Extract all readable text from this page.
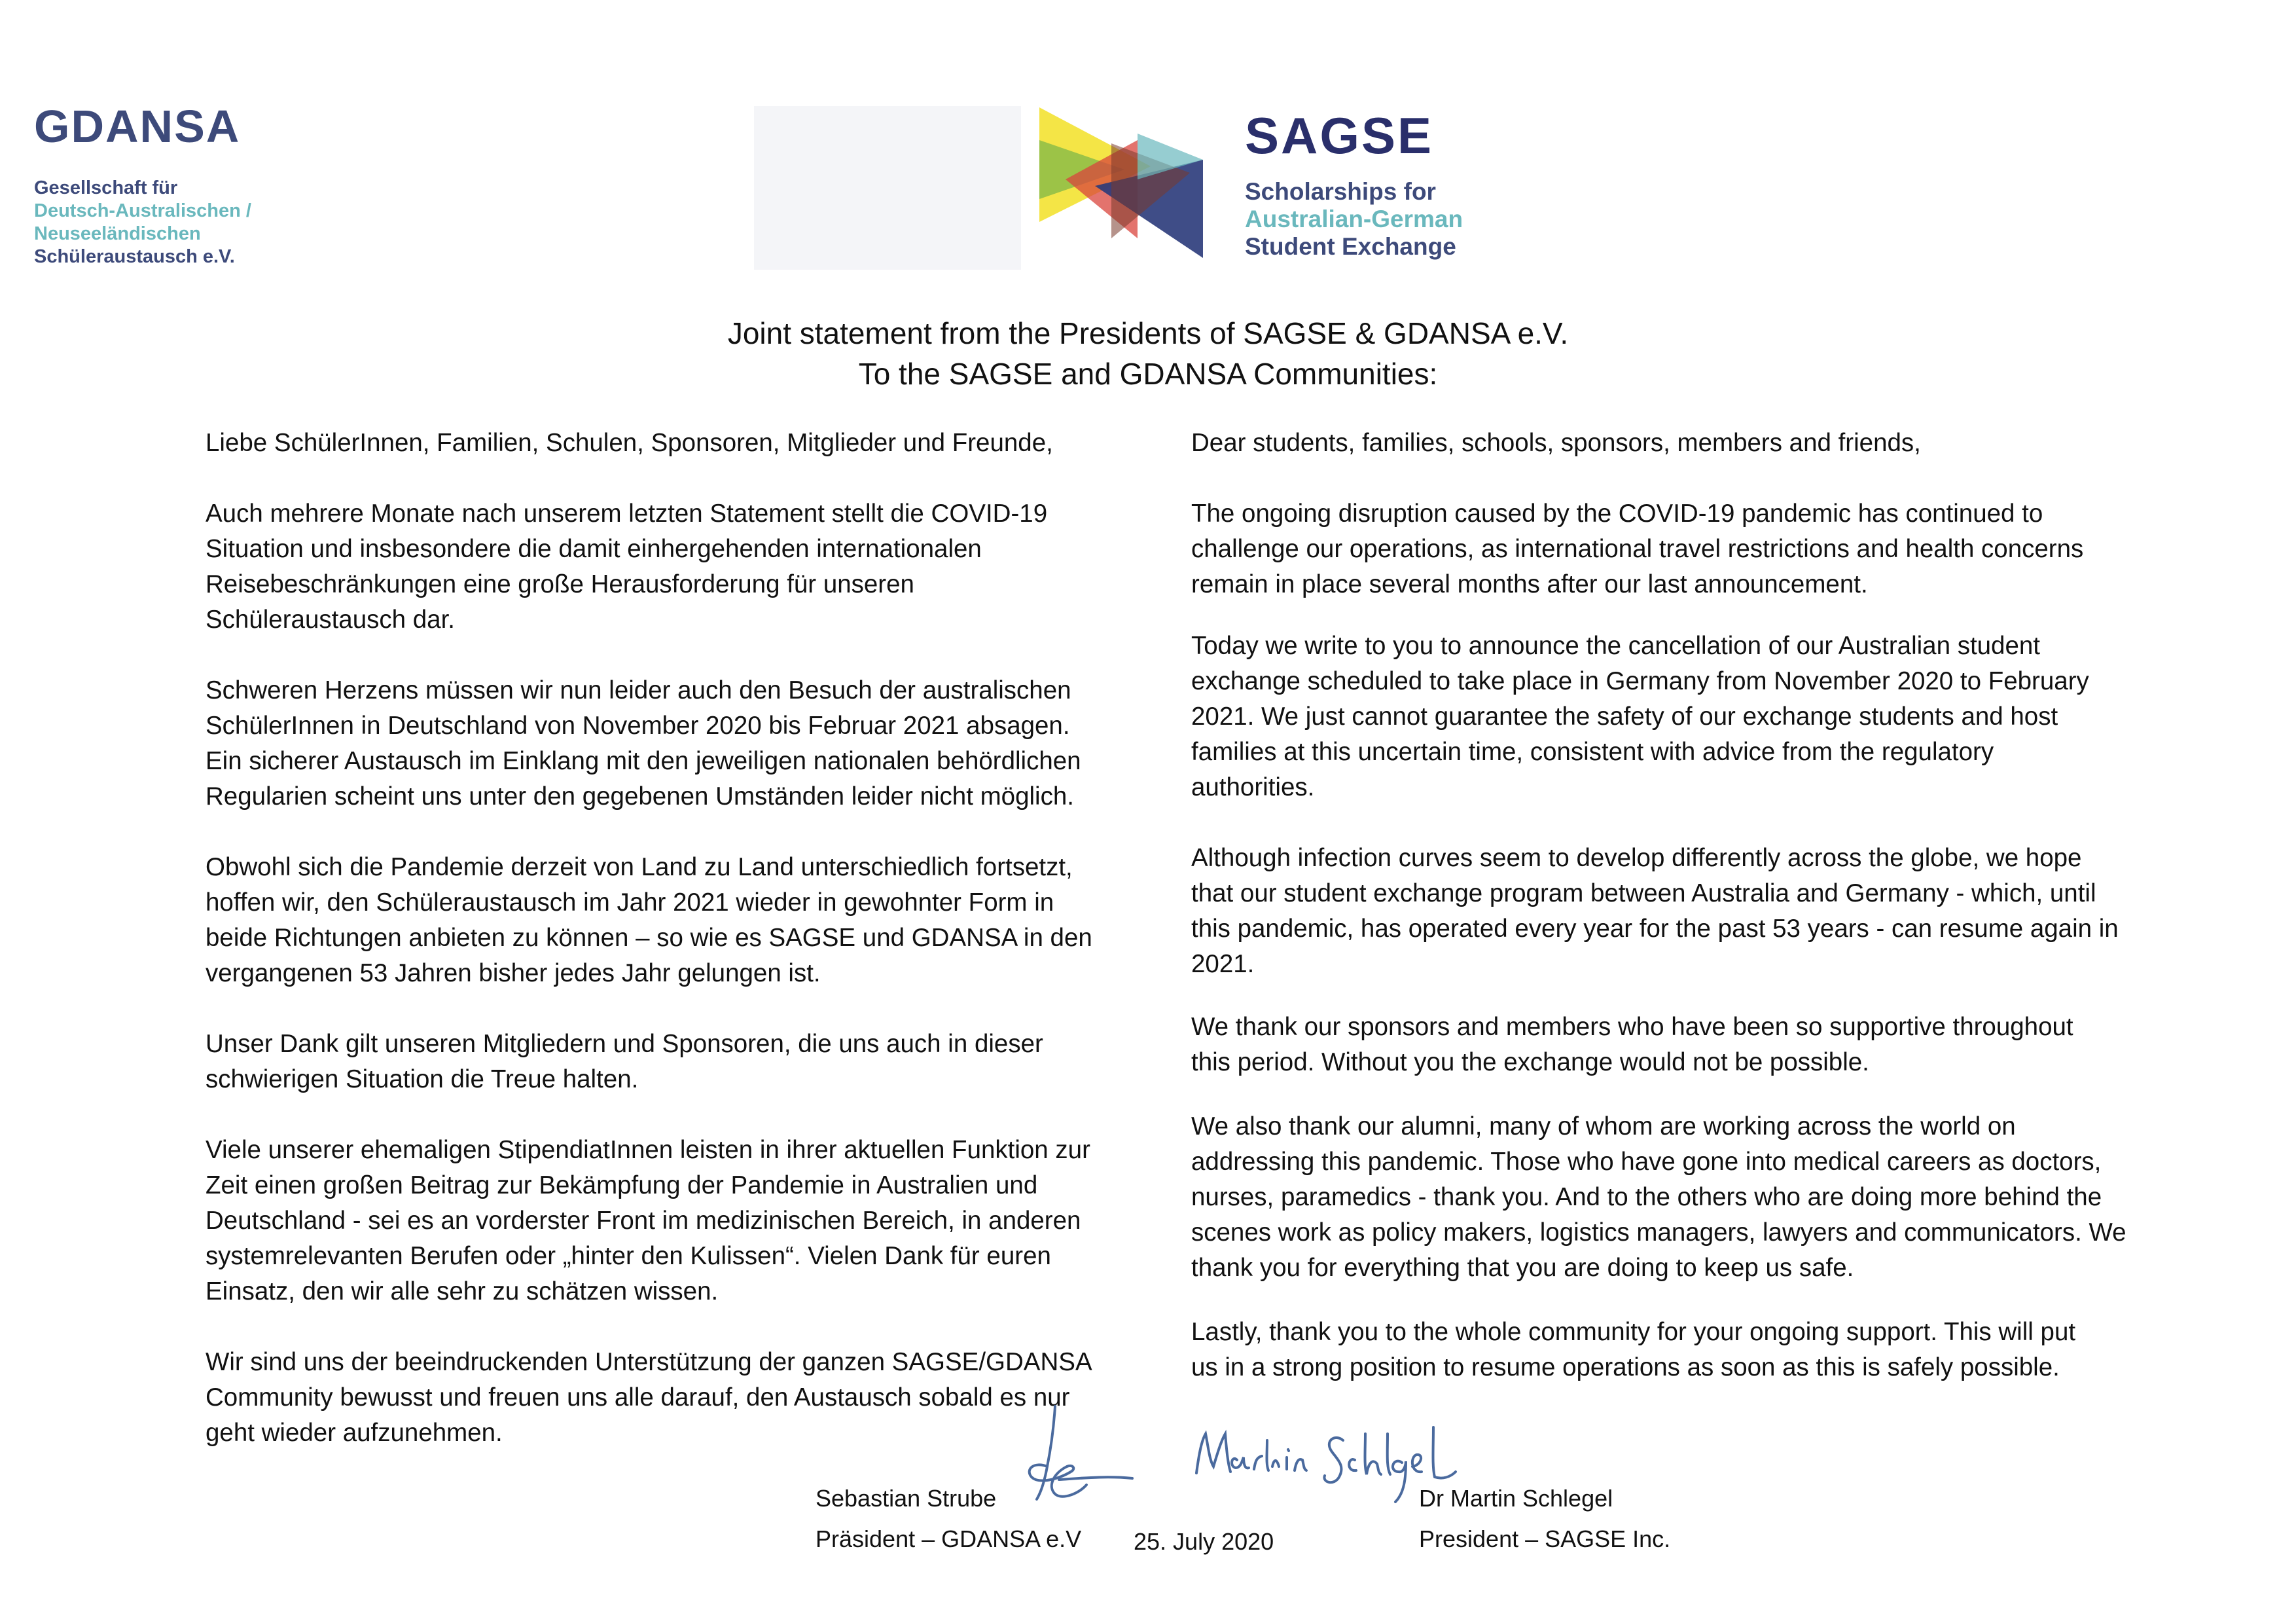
GDANSA
Gesellschaft für
Deutsch-Australischen /
Neuseeländischen
Schüleraustausch e.V.
SAGSE
Scholarships for
Australian-German
Student Exchange
Joint statement from the Presidents of SAGSE & GDANSA e.V.
To the SAGSE and GDANSA Communities:

Liebe SchülerInnen, Familien, Schulen, Sponsoren, Mitglieder und Freunde,

Auch mehrere Monate nach unserem letzten Statement stellt die COVID-19
Situation und insbesondere die damit einhergehenden internationalen
Reisebeschränkungen eine große Herausforderung für unseren
Schüleraustausch dar.

Schweren Herzens müssen wir nun leider auch den Besuch der australischen
SchülerInnen in Deutschland von November 2020 bis Februar 2021 absagen.
Ein sicherer Austausch im Einklang mit den jeweiligen nationalen behördlichen
Regularien scheint uns unter den gegebenen Umständen leider nicht möglich.

Obwohl sich die Pandemie derzeit von Land zu Land unterschiedlich fortsetzt,
hoffen wir, den Schüleraustausch im Jahr 2021 wieder in gewohnter Form in
beide Richtungen anbieten zu können – so wie es SAGSE und GDANSA in den
vergangenen 53 Jahren bisher jedes Jahr gelungen ist.

Unser Dank gilt unseren Mitgliedern und Sponsoren, die uns auch in dieser
schwierigen Situation die Treue halten.

Viele unserer ehemaligen StipendiatInnen leisten in ihrer aktuellen Funktion zur
Zeit einen großen Beitrag zur Bekämpfung der Pandemie in Australien und
Deutschland - sei es an vorderster Front im medizinischen Bereich, in anderen
systemrelevanten Berufen oder „hinter den Kulissen“. Vielen Dank für euren
Einsatz, den wir alle sehr zu schätzen wissen.

Wir sind uns der beeindruckenden Unterstützung der ganzen SAGSE/GDANSA
Community bewusst und freuen uns alle darauf, den Austausch sobald es nur
geht wieder aufzunehmen.

Dear students, families, schools, sponsors, members and friends,

The ongoing disruption caused by the COVID-19 pandemic has continued to
challenge our operations, as international travel restrictions and health concerns
remain in place several months after our last announcement.

Today we write to you to announce the cancellation of our Australian student
exchange scheduled to take place in Germany from November 2020 to February
2021. We just cannot guarantee the safety of our exchange students and host
families at this uncertain time, consistent with advice from the regulatory
authorities.

Although infection curves seem to develop differently across the globe, we hope
that our student exchange program between Australia and Germany - which, until
this pandemic, has operated every year for the past 53 years - can resume again in
2021.

We thank our sponsors and members who have been so supportive throughout
this period. Without you the exchange would not be possible.

We also thank our alumni, many of whom are working across the world on
addressing this pandemic. Those who have gone into medical careers as doctors,
nurses, paramedics - thank you. And to the others who are doing more behind the
scenes work as policy makers, logistics managers, lawyers and communicators. We
thank you for everything that you are doing to keep us safe.

Lastly, thank you to the whole community for your ongoing support. This will put
us in a strong position to resume operations as soon as this is safely possible.

Sebastian Strube
Präsident – GDANSA e.V
Dr Martin Schlegel
President – SAGSE Inc.
25. July 2020
